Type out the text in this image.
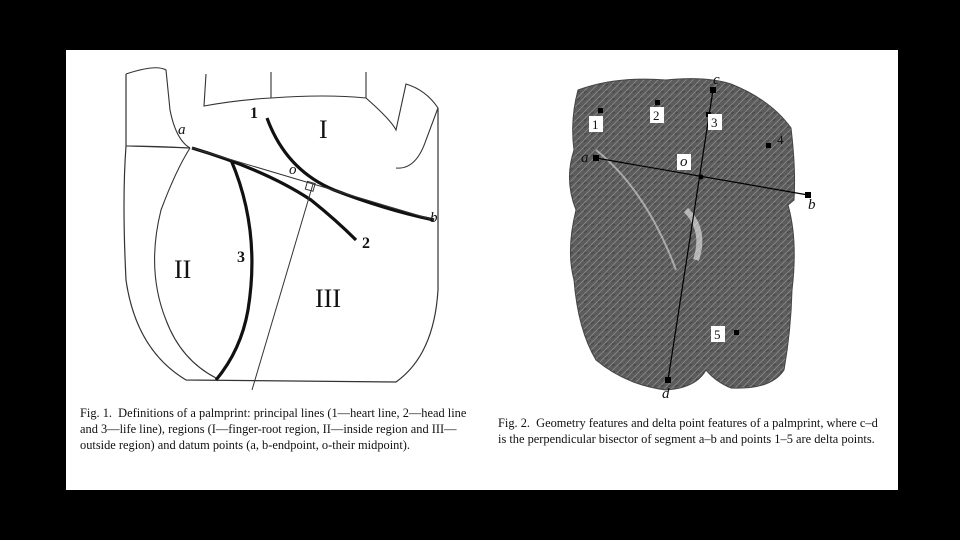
a
o
b
1
2
3
I
II
III
Fig. 1. Definitions of a palmprint: principal lines (1—heart line, 2—head line and 3—life line), regions (I—finger-root region, II—inside region and III—outside region) and datum points (a, b-endpoint, o-their midpoint).
1
2	3
4
5
a
b
c
d
o
Fig. 2. Geometry features and delta point features of a palmprint, where c–d is the perpendicular bisector of segment a–b and points 1–5 are delta points.
